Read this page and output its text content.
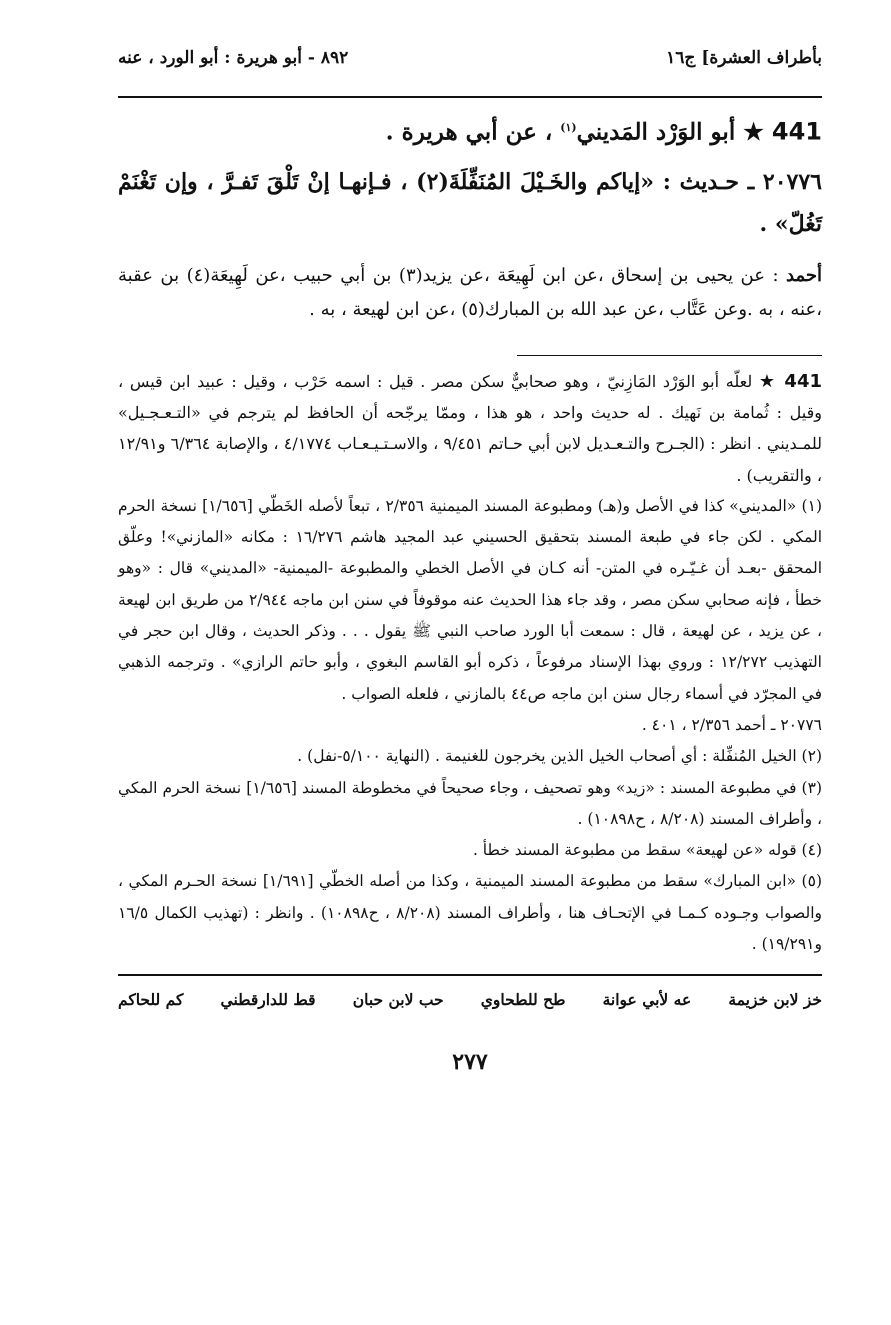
بأطراف العشرة] ج١٦
٨٩٢ - أبو هريرة : أبو الورد ، عنه
441 ★ أبو الوَرْد المَديني$^{(١)}$ ، عن أبي هريرة .
٢٠٧٧٦ ـ حـديث : «إياكم والخَـيْلَ المُنَفِّلَةَ(٢) ، فـإنهـا إنْ تَلْقَ تَفـرَّ ، وإن تَغْنَمْ تَغُلّ» .
أحمد : عن يحيى بن إسحاق ،عن ابن لَهِيعَة ،عن يزيد(٣) بن أبي حبيب ،عن لَهِيعَة(٤) بن عقبة ،عنه ، به .وعن عَتَّاب ،عن عبد الله بن المبارك(٥) ،عن ابن لهيعة ، به .

441 ★ لعلّه أبو الوَرْد المَازِنيّ ، وهو صحابيٌّ سكن مصر . قيل : اسمه حَرْب ، وقيل : عبيد ابن قيس ، وقيل : ثُمامة بن نَهيك . له حديث واحد ، هو هذا ، وممّا يرجّحه أن الحافظ لم يترجم في «التـعـجـيل» للمـديني . انظر : (الجـرح والتـعـديل لابن أبي حـاتم ٩/٤٥١ ، والاسـتـيـعـاب ٤/١٧٧٤ ، والإصابة ٦/٣٦٤ و١٢/٩١ ، والتقريب) .

(١) «المديني» كذا في الأصل و(هـ) ومطبوعة المسند الميمنية ٢/٣٥٦ ، تبعاً لأصله الخَطّي [١/٦٥٦] نسخة الحرم المكي . لكن جاء في طبعة المسند بتحقيق الحسيني عبد المجيد هاشم ١٦/٢٧٦ : مكانه «المازني»! وعلّق المحقق -بعـد أن غـيّـره في المتن- أنه كـان في الأصل الخطي والمطبوعة -الميمنية- «المديني» قال : «وهو خطأ ، فإنه صحابي سكن مصر ، وقد جاء هذا الحديث عنه موقوفاً في سنن ابن ماجه ٢/٩٤٤ من طريق ابن لهيعة ، عن يزيد ، عن لهيعة ، قال : سمعت أبا الورد صاحب النبي ﷺ يقول . . . وذكر الحديث ، وقال ابن حجر في التهذيب ١٢/٢٧٢ : وروي بهذا الإسناد مرفوعاً ، ذكره أبو القاسم البغوي ، وأبو حاتم الرازي» . وترجمه الذهبي في المجرّد في أسماء رجال سنن ابن ماجه ص٤٤ بالمازني ، فلعله الصواب .

٢٠٧٧٦ ـ أحمد ٢/٣٥٦ ، ٤٠١ .

(٢) الخيل المُنفِّلة : أي أصحاب الخيل الذين يخرجون للغنيمة . (النهاية ٥/١٠٠-نفل) .

(٣) في مطبوعة المسند : «زيد» وهو تصحيف ، وجاء صحيحاً في مخطوطة المسند [١/٦٥٦] نسخة الحرم المكي ، وأطراف المسند (٨/٢٠٨ ، ح١٠٨٩٨) .

(٤) قوله «عن لهيعة» سقط من مطبوعة المسند خطأ .

(٥) «ابن المبارك» سقط من مطبوعة المسند الميمنية ، وكذا من أصله الخطّي [١/٦٩١] نسخة الحـرم المكي ، والصواب وجـوده كـمـا في الإتحـاف هنا ، وأطراف المسند (٨/٢٠٨ ، ح١٠٨٩٨) . وانظر : (تهذيب الكمال ١٦/٥ و١٩/٢٩١) .

خز لابن خزيمة
عه لأبي عوانة
طح للطحاوي
حب لابن حبان
قط للدارقطني
كم للحاكم
٢٧٧
